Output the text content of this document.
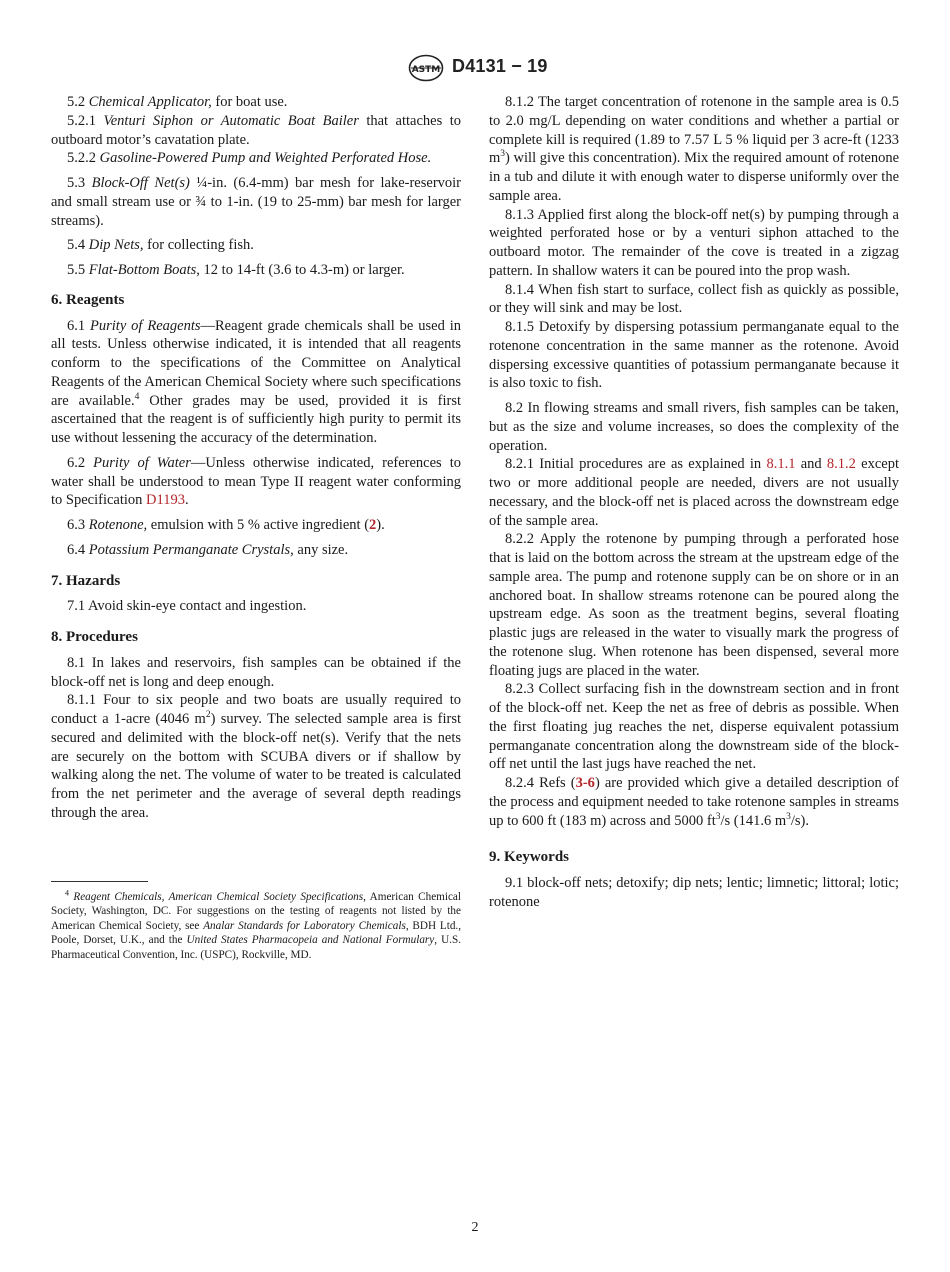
ASTM D4131 − 19

5.2 Chemical Applicator, for boat use.

5.2.1 Venturi Siphon or Automatic Boat Bailer that attaches to outboard motor’s cavatation plate.

5.2.2 Gasoline-Powered Pump and Weighted Perforated Hose.

5.3 Block-Off Net(s) ¼-in. (6.4-mm) bar mesh for lake-reservoir and small stream use or ¾ to 1-in. (19 to 25-mm) bar mesh for larger streams).

5.4 Dip Nets, for collecting fish.

5.5 Flat-Bottom Boats, 12 to 14-ft (3.6 to 4.3-m) or larger.

6. Reagents

6.1 Purity of Reagents—Reagent grade chemicals shall be used in all tests. Unless otherwise indicated, it is intended that all reagents conform to the specifications of the Committee on Analytical Reagents of the American Chemical Society where such specifications are available.$^4$ Other grades may be used, provided it is first ascertained that the reagent is of sufficiently high purity to permit its use without lessening the accuracy of the determination.

6.2 Purity of Water—Unless otherwise indicated, references to water shall be understood to mean Type II reagent water conforming to Specification D1193.

6.3 Rotenone, emulsion with 5 % active ingredient (2).

6.4 Potassium Permanganate Crystals, any size.

7. Hazards

7.1 Avoid skin-eye contact and ingestion.

8. Procedures

8.1 In lakes and reservoirs, fish samples can be obtained if the block-off net is long and deep enough.

8.1.1 Four to six people and two boats are usually required to conduct a 1-acre (4046 $m^2$) survey. The selected sample area is first secured and delimited with the block-off net(s). Verify that the nets are securely on the bottom with SCUBA divers or if shallow by walking along the net. The volume of water to be treated is calculated from the net perimeter and the average of several depth readings through the area.

$^4$ Reagent Chemicals, American Chemical Society Specifications, American Chemical Society, Washington, DC. For suggestions on the testing of reagents not listed by the American Chemical Society, see Analar Standards for Laboratory Chemicals, BDH Ltd., Poole, Dorset, U.K., and the United States Pharmacopeia and National Formulary, U.S. Pharmaceutical Convention, Inc. (USPC), Rockville, MD.

8.1.2 The target concentration of rotenone in the sample area is 0.5 to 2.0 mg/L depending on water conditions and whether a partial or complete kill is required (1.89 to 7.57 L 5 % liquid per 3 acre-ft (1233 $m^3$) will give this concentration). Mix the required amount of rotenone in a tub and dilute it with enough water to disperse uniformly over the sample area.

8.1.3 Applied first along the block-off net(s) by pumping through a weighted perforated hose or by a venturi siphon attached to the outboard motor. The remainder of the cove is treated in a zigzag pattern. In shallow waters it can be poured into the prop wash.

8.1.4 When fish start to surface, collect fish as quickly as possible, or they will sink and may be lost.

8.1.5 Detoxify by dispersing potassium permanganate equal to the rotenone concentration in the same manner as the rotenone. Avoid dispersing excessive quantities of potassium permanganate because it is also toxic to fish.

8.2 In flowing streams and small rivers, fish samples can be taken, but as the size and volume increases, so does the complexity of the operation.

8.2.1 Initial procedures are as explained in 8.1.1 and 8.1.2 except two or more additional people are needed, divers are not usually necessary, and the block-off net is placed across the downstream edge of the sample area.

8.2.2 Apply the rotenone by pumping through a perforated hose that is laid on the bottom across the stream at the upstream edge of the sample area. The pump and rotenone supply can be on shore or in an anchored boat. In shallow streams rotenone can be poured along the upstream edge. As soon as the treatment begins, several floating plastic jugs are released in the water to visually mark the progress of the rotenone slug. When rotenone has been dispensed, several more floating jugs are placed in the water.

8.2.3 Collect surfacing fish in the downstream section and in front of the block-off net. Keep the net as free of debris as possible. When the first floating jug reaches the net, disperse equivalent potassium permanganate concentration along the downstream side of the block-off net until the last jugs have reached the net.

8.2.4 Refs (3-6) are provided which give a detailed description of the process and equipment needed to take rotenone samples in streams up to 600 ft (183 m) across and 5000 $ft^3/s$ (141.6 $m^3/s$).

9. Keywords

9.1 block-off nets; detoxify; dip nets; lentic; limnetic; littoral; lotic; rotenone

2
